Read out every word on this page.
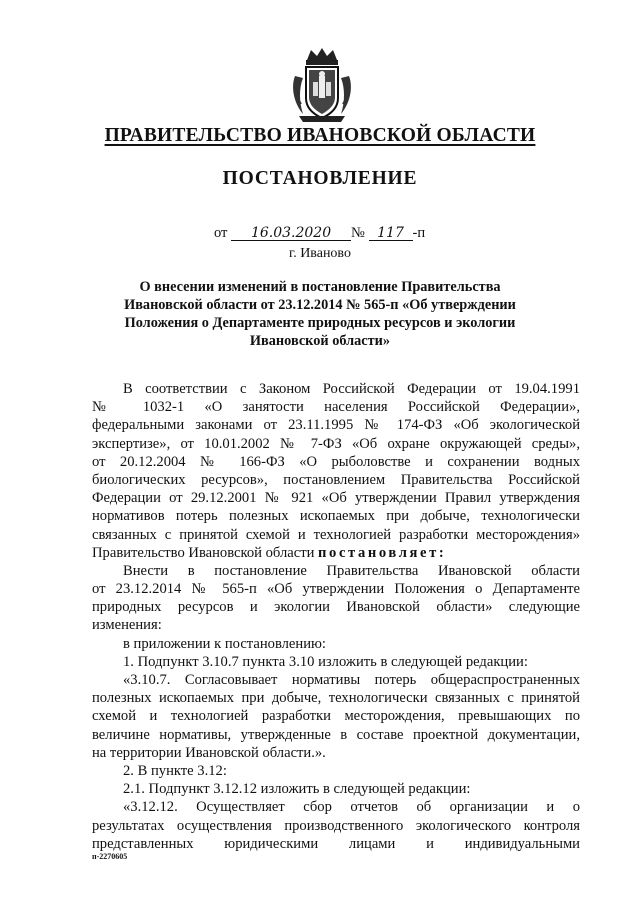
ПРАВИТЕЛЬСТВО ИВАНОВСКОЙ ОБЛАСТИ
ПОСТАНОВЛЕНИЕ
от 16.03.2020 № 117 -п
г. Иваново
О внесении изменений в постановление Правительства
Ивановской области от 23.12.2014 № 565-п «Об утверждении
Положения о Департаменте природных ресурсов и экологии
Ивановской области»
В соответствии с Законом Российской Федерации от 19.04.1991
№ 1032-1 «О занятости населения Российской Федерации»,
федеральными законами от 23.11.1995 № 174-ФЗ «Об экологической
экспертизе», от 10.01.2002 № 7-ФЗ «Об охране окружающей среды»,
от 20.12.2004 № 166-ФЗ «О рыболовстве и сохранении водных
биологических ресурсов», постановлением Правительства Российской
Федерации от 29.12.2001 № 921 «Об утверждении Правил утверждения
нормативов потерь полезных ископаемых при добыче, технологически
связанных с принятой схемой и технологией разработки месторождения»
Правительство Ивановской области постановляет:
Внести в постановление Правительства Ивановской области
от 23.12.2014 № 565-п «Об утверждении Положения о Департаменте
природных ресурсов и экологии Ивановской области» следующие
изменения:
в приложении к постановлению:
1. Подпункт 3.10.7 пункта 3.10 изложить в следующей редакции:
«3.10.7. Согласовывает нормативы потерь общераспространенных
полезных ископаемых при добыче, технологически связанных с принятой
схемой и технологией разработки месторождения, превышающих по
величине нормативы, утвержденные в составе проектной документации,
на территории Ивановской области.».
2. В пункте 3.12:
2.1. Подпункт 3.12.12 изложить в следующей редакции:
«3.12.12. Осуществляет сбор отчетов об организации и о
результатах осуществления производственного экологического контроля
представленных юридическими лицами и индивидуальными
п-2270605
